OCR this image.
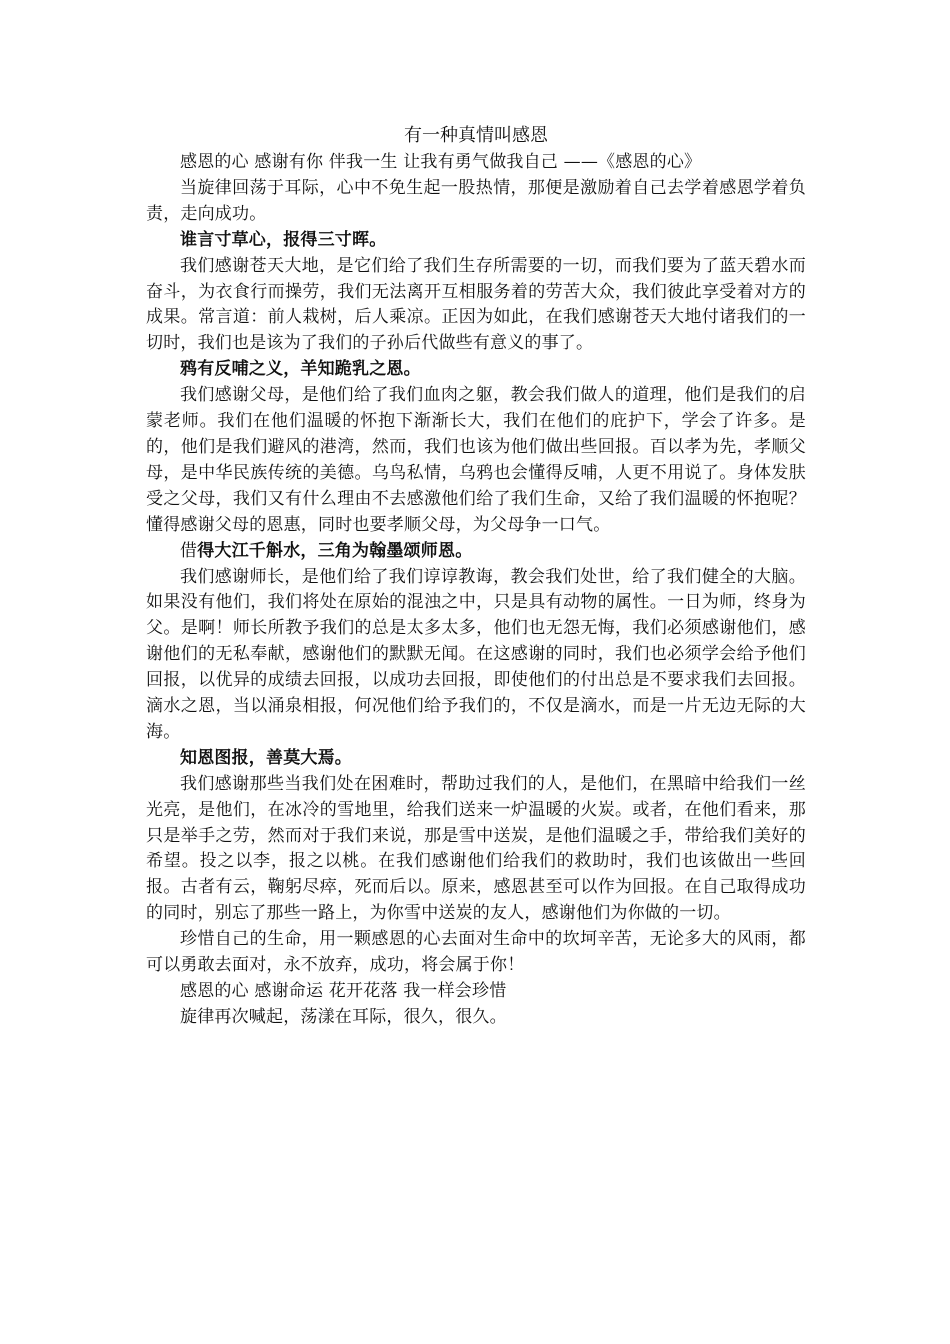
有一种真情叫感恩

感恩的心 感谢有你 伴我一生 让我有勇气做我自己 ——《感恩的心》

当旋律回荡于耳际，心中不免生起一股热情，那便是激励着自己去学着感恩学着负责，走向成功。

谁言寸草心，报得三寸晖。

我们感谢苍天大地，是它们给了我们生存所需要的一切，而我们要为了蓝天碧水而奋斗，为衣食行而操劳，我们无法离开互相服务着的劳苦大众，我们彼此享受着对方的成果。常言道：前人栽树，后人乘凉。正因为如此，在我们感谢苍天大地付诸我们的一切时，我们也是该为了我们的子孙后代做些有意义的事了。

鸦有反哺之义，羊知跪乳之恩。

我们感谢父母，是他们给了我们血肉之躯，教会我们做人的道理，他们是我们的启蒙老师。我们在他们温暖的怀抱下渐渐长大，我们在他们的庇护下，学会了许多。是的，他们是我们避风的港湾，然而，我们也该为他们做出些回报。百以孝为先，孝顺父母，是中华民族传统的美德。乌鸟私情，乌鸦也会懂得反哺，人更不用说了。身体发肤受之父母，我们又有什么理由不去感激他们给了我们生命，又给了我们温暖的怀抱呢？懂得感谢父母的恩惠，同时也要孝顺父母，为父母争一口气。

借得大江千斛水，三角为翰墨颂师恩。

我们感谢师长，是他们给了我们谆谆教诲，教会我们处世，给了我们健全的大脑。如果没有他们，我们将处在原始的混浊之中，只是具有动物的属性。一日为师，终身为父。是啊！师长所教予我们的总是太多太多，他们也无怨无悔，我们必须感谢他们，感谢他们的无私奉献，感谢他们的默默无闻。在这感谢的同时，我们也必须学会给予他们回报，以优异的成绩去回报，以成功去回报，即使他们的付出总是不要求我们去回报。滴水之恩，当以涌泉相报，何况他们给予我们的，不仅是滴水，而是一片无边无际的大海。

知恩图报，善莫大焉。

我们感谢那些当我们处在困难时，帮助过我们的人，是他们，在黑暗中给我们一丝光亮，是他们，在冰冷的雪地里，给我们送来一炉温暖的火炭。或者，在他们看来，那只是举手之劳，然而对于我们来说，那是雪中送炭，是他们温暖之手，带给我们美好的希望。投之以李，报之以桃。在我们感谢他们给我们的救助时，我们也该做出一些回报。古者有云，鞠躬尽瘁，死而后以。原来，感恩甚至可以作为回报。在自己取得成功的同时，别忘了那些一路上，为你雪中送炭的友人，感谢他们为你做的一切。

珍惜自己的生命，用一颗感恩的心去面对生命中的坎坷辛苦，无论多大的风雨，都可以勇敢去面对，永不放弃，成功，将会属于你！

感恩的心 感谢命运 花开花落 我一样会珍惜

旋律再次喊起，荡漾在耳际，很久，很久。
